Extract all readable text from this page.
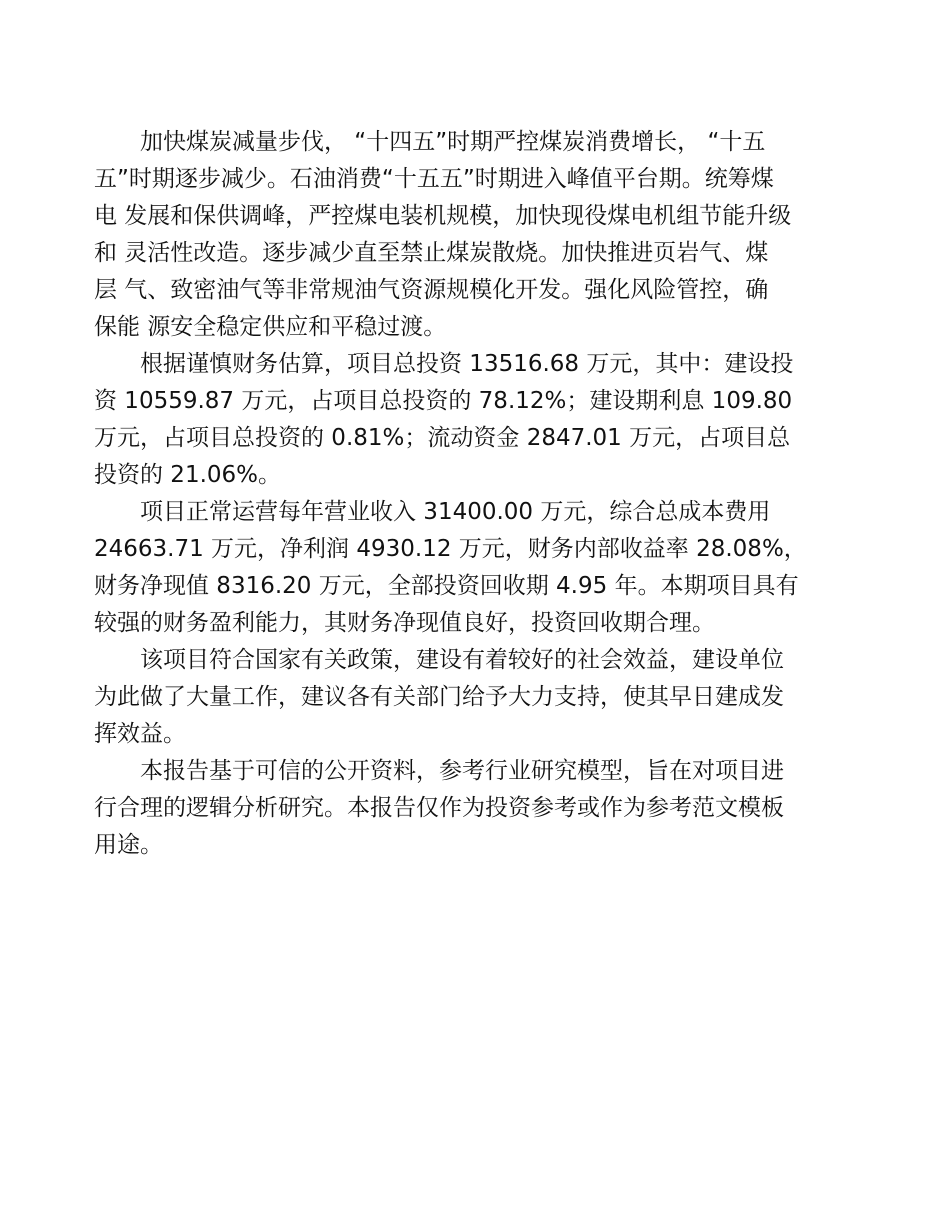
加快煤炭减量步伐， “十四五”时期严控煤炭消费增长， “十五
五”时期逐步减少。石油消费“十五五”时期进入峰值平台期。统筹煤
电 发展和保供调峰，严控煤电装机规模，加快现役煤电机组节能升级
和 灵活性改造。逐步减少直至禁止煤炭散烧。加快推进页岩气、煤
层 气、致密油气等非常规油气资源规模化开发。强化风险管控，确
保能 源安全稳定供应和平稳过渡。

根据谨慎财务估算，项目总投资 13516.68 万元，其中：建设投
资 10559.87 万元，占项目总投资的 78.12%；建设期利息 109.80
万元，占项目总投资的 0.81%；流动资金 2847.01 万元，占项目总
投资的 21.06%。

项目正常运营每年营业收入 31400.00 万元，综合总成本费用
24663.71 万元，净利润 4930.12 万元，财务内部收益率 28.08%，
财务净现值 8316.20 万元，全部投资回收期 4.95 年。本期项目具有
较强的财务盈利能力，其财务净现值良好，投资回收期合理。

该项目符合国家有关政策，建设有着较好的社会效益，建设单位
为此做了大量工作，建议各有关部门给予大力支持，使其早日建成发
挥效益。

本报告基于可信的公开资料，参考行业研究模型，旨在对项目进
行合理的逻辑分析研究。本报告仅作为投资参考或作为参考范文模板
用途。
